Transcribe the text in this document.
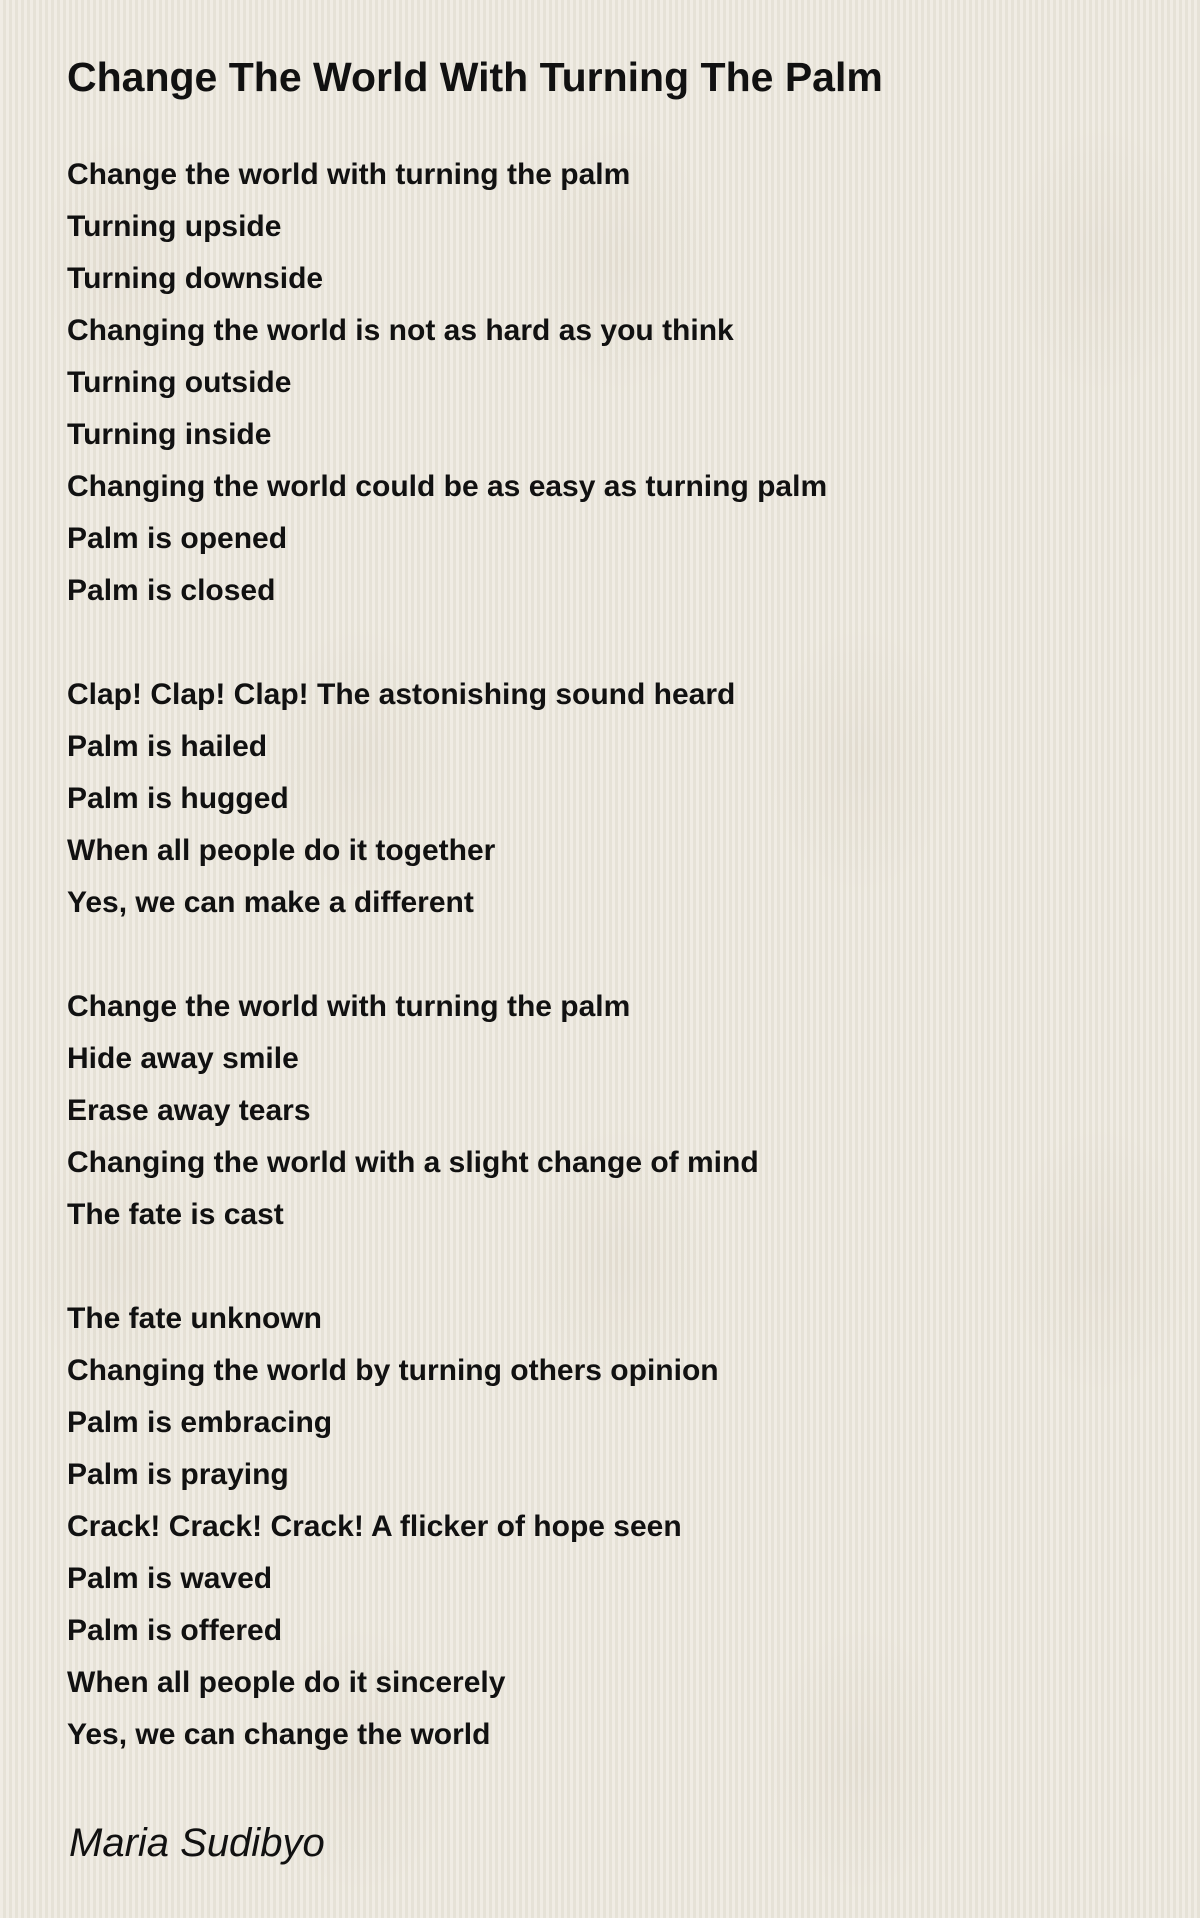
Change The World With Turning The Palm
Change the world with turning the palm
Turning upside
Turning downside
Changing the world is not as hard as you think
Turning outside
Turning inside
Changing the world could be as easy as turning palm
Palm is opened
Palm is closed
Clap! Clap! Clap! The astonishing sound heard
Palm is hailed
Palm is hugged
When all people do it together
Yes, we can make a different
Change the world with turning the palm
Hide away smile
Erase away tears
Changing the world with a slight change of mind
The fate is cast
The fate unknown
Changing the world by turning others opinion
Palm is embracing
Palm is praying
Crack! Crack! Crack! A flicker of hope seen
Palm is waved
Palm is offered
When all people do it sincerely
Yes, we can change the world
Maria Sudibyo
